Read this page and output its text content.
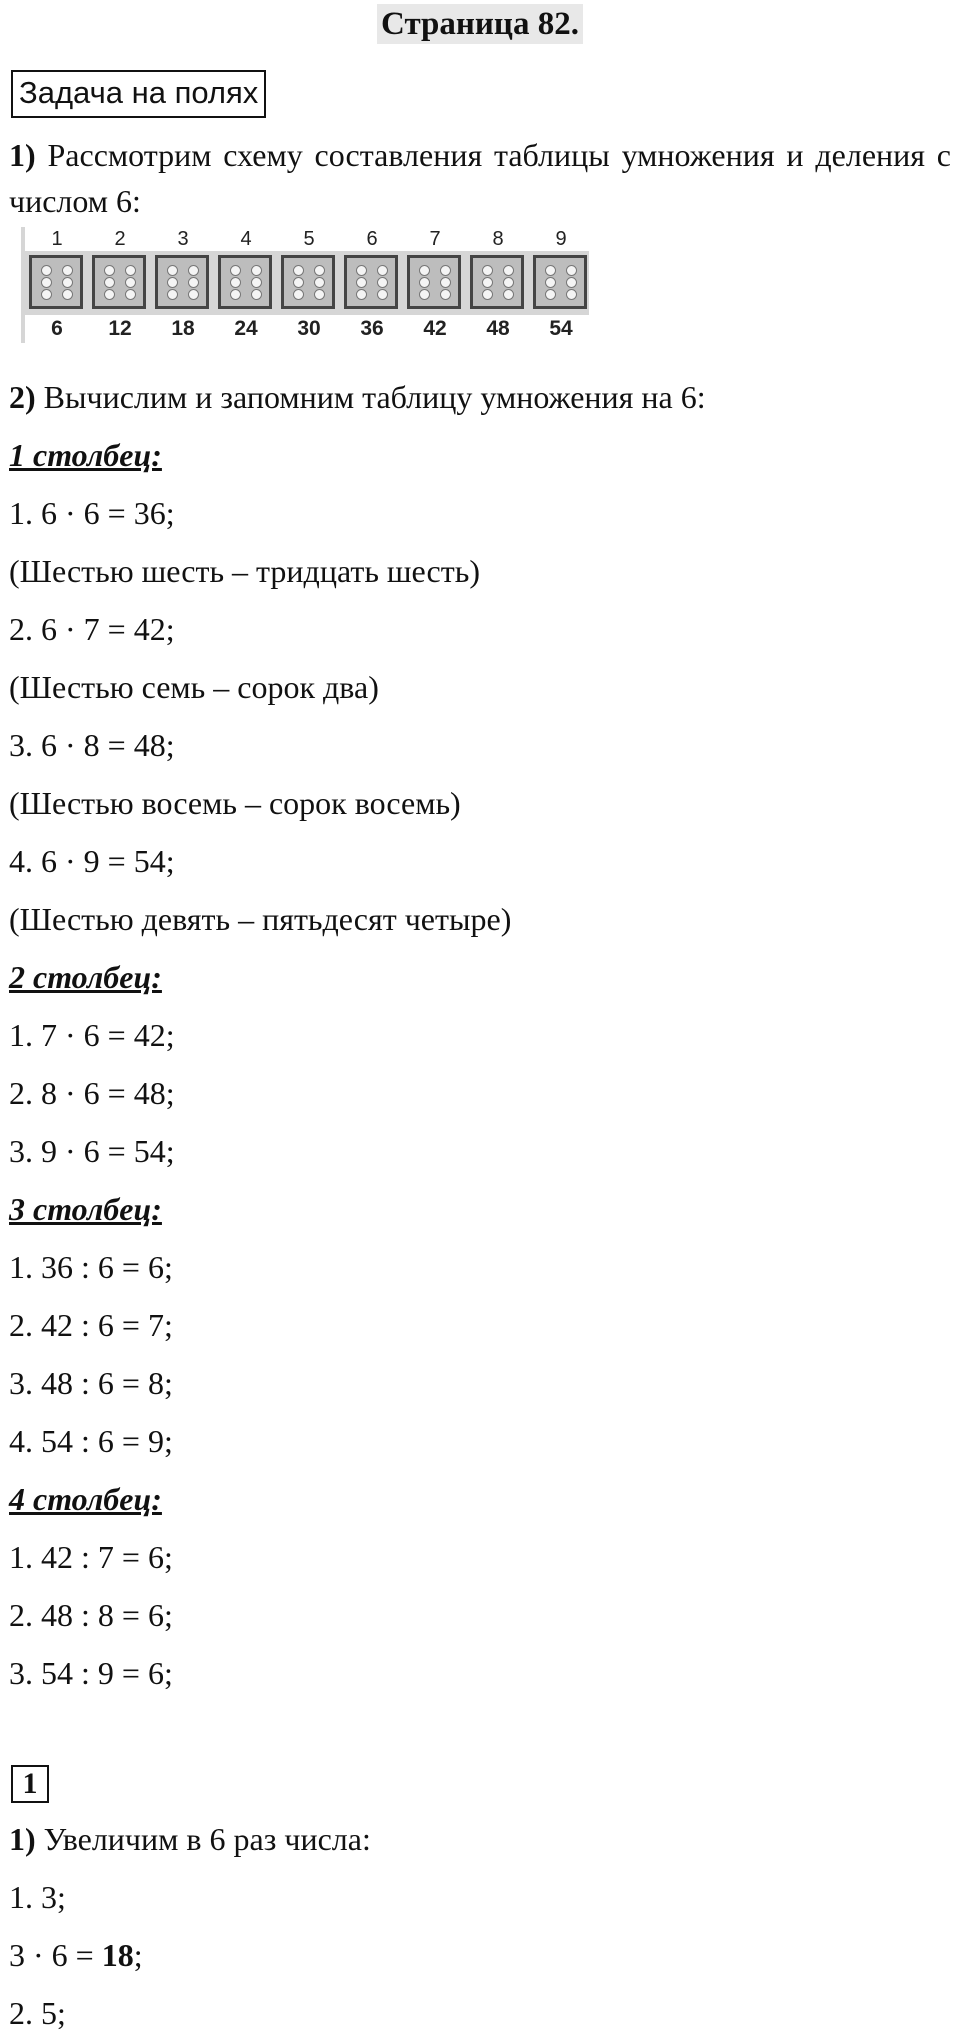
Страница 82.
Задача на полях
1) Рассмотрим схему составления таблицы умножения и деления с числом 6:
1
6
2
12
3
18
4
24
5
30
6
36
7
42
8
48
9
54
2) Вычислим и запомним таблицу умножения на 6:
1 столбец:
1. 6 · 6 = 36;
(Шестью шесть – тридцать шесть)
2. 6 · 7 = 42;
(Шестью семь – сорок два)
3. 6 · 8 = 48;
(Шестью восемь – сорок восемь)
4. 6 · 9 = 54;
(Шестью девять – пятьдесят четыре)
2 столбец:
1. 7 · 6 = 42;
2. 8 · 6 = 48;
3. 9 · 6 = 54;
3 столбец:
1. 36 : 6 = 6;
2. 42 : 6 = 7;
3. 48 : 6 = 8;
4. 54 : 6 = 9;
4 столбец:
1. 42 : 7 = 6;
2. 48 : 8 = 6;
3. 54 : 9 = 6;
1
1) Увеличим в 6 раз числа:
1. 3;
3 · 6 = 18;
2. 5;
